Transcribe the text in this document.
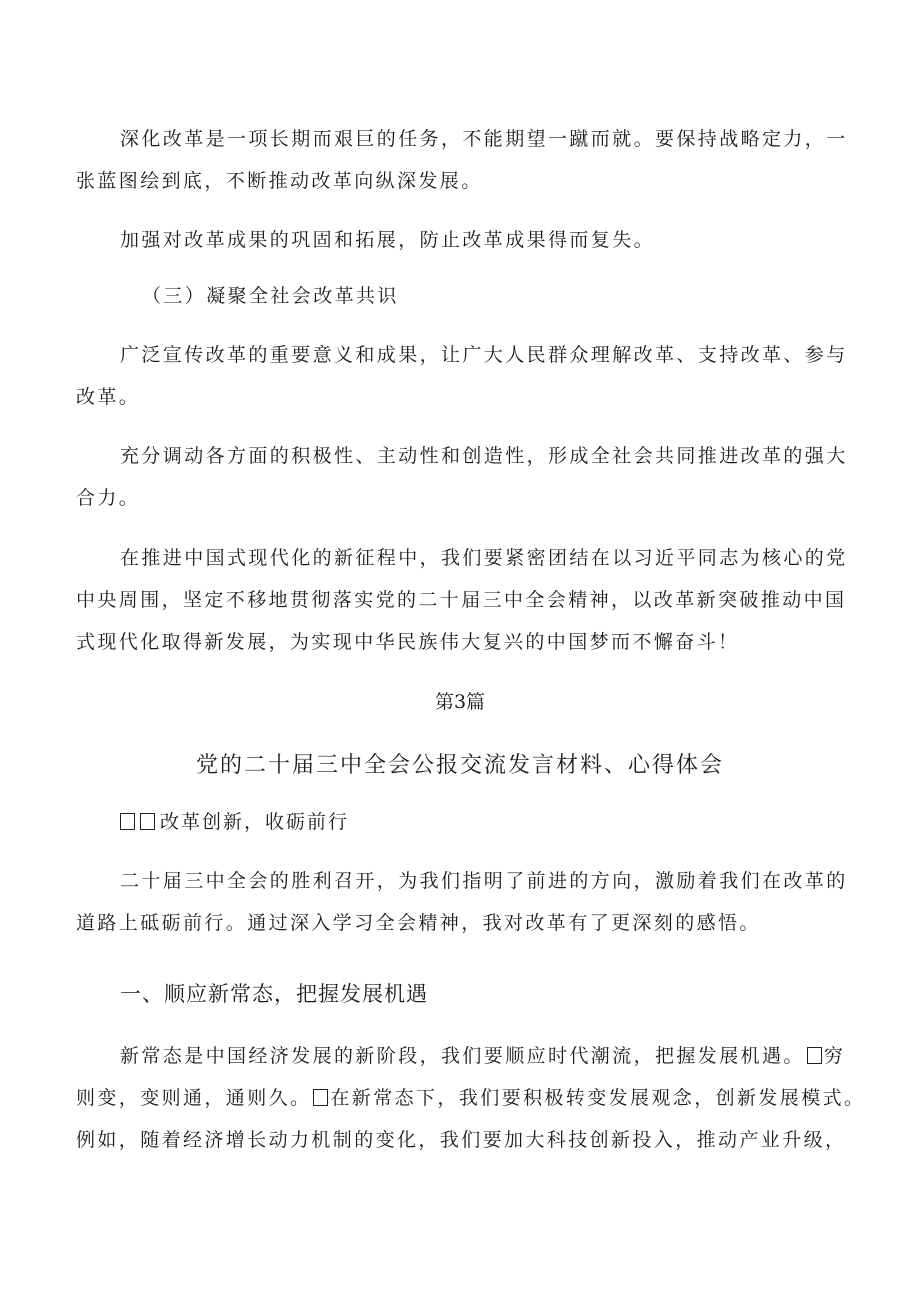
深化改革是一项长期而艰巨的任务，不能期望一蹴而就。要保持战略定力，一
张蓝图绘到底，不断推动改革向纵深发展。
加强对改革成果的巩固和拓展，防止改革成果得而复失。
（三）凝聚全社会改革共识
广泛宣传改革的重要意义和成果，让广大人民群众理解改革、支持改革、参与
改革。
充分调动各方面的积极性、主动性和创造性，形成全社会共同推进改革的强大
合力。
在推进中国式现代化的新征程中，我们要紧密团结在以习近平同志为核心的党
中央周围，坚定不移地贯彻落实党的二十届三中全会精神，以改革新突破推动中国
式现代化取得新发展，为实现中华民族伟大复兴的中国梦而不懈奋斗！
第3篇
党的二十届三中全会公报交流发言材料、心得体会
改革创新，收砺前行
二十届三中全会的胜利召开，为我们指明了前进的方向，激励着我们在改革的
道路上砥砺前行。通过深入学习全会精神，我对改革有了更深刻的感悟。
一、顺应新常态，把握发展机遇
新常态是中国经济发展的新阶段，我们要顺应时代潮流，把握发展机遇。 穷
则变，变则通，通则久。 在新常态下，我们要积极转变发展观念，创新发展模式。
例如，随着经济增长动力机制的变化，我们要加大科技创新投入，推动产业升级，
